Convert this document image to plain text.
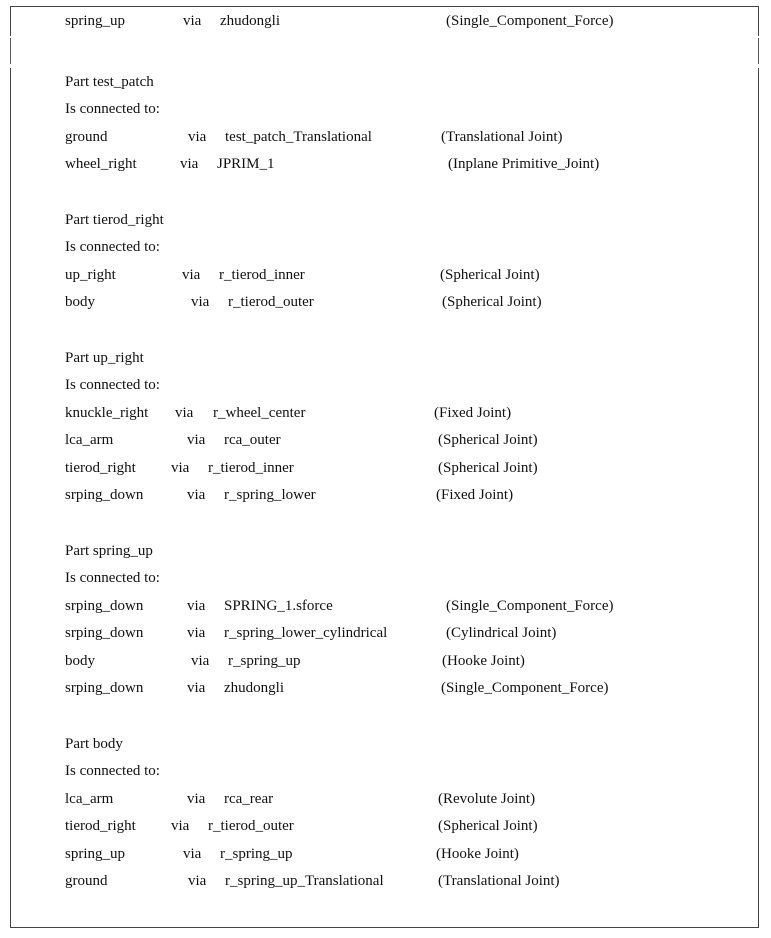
spring_up	via zhudongli	(Single_Component_Force)
Part test_patch
Is connected to:
ground	via test_patch_Translational	(Translational Joint)
wheel_right	via JPRIM_1	(Inplane Primitive_Joint)
Part tierod_right
Is connected to:
up_right	via r_tierod_inner	(Spherical Joint)
body	via r_tierod_outer	(Spherical Joint)
Part up_right
Is connected to:
knuckle_right via r_wheel_center	(Fixed Joint)
lca_arm	via rca_outer	(Spherical Joint)
tierod_right via r_tierod_inner	(Spherical Joint)
srping_down	via r_spring_lower	(Fixed Joint)
Part spring_up
Is connected to:
srping_down	via SPRING_1.sforce	(Single_Component_Force)
srping_down	via r_spring_lower_cylindrical	(Cylindrical Joint)
body	via r_spring_up	(Hooke Joint)
srping_down	via zhudongli	(Single_Component_Force)
Part body
Is connected to:
lca_arm	via rca_rear	(Revolute Joint)
tierod_right via r_tierod_outer	(Spherical Joint)
spring_up	via r_spring_up	(Hooke Joint)
ground	via r_spring_up_Translational	(Translational Joint)
